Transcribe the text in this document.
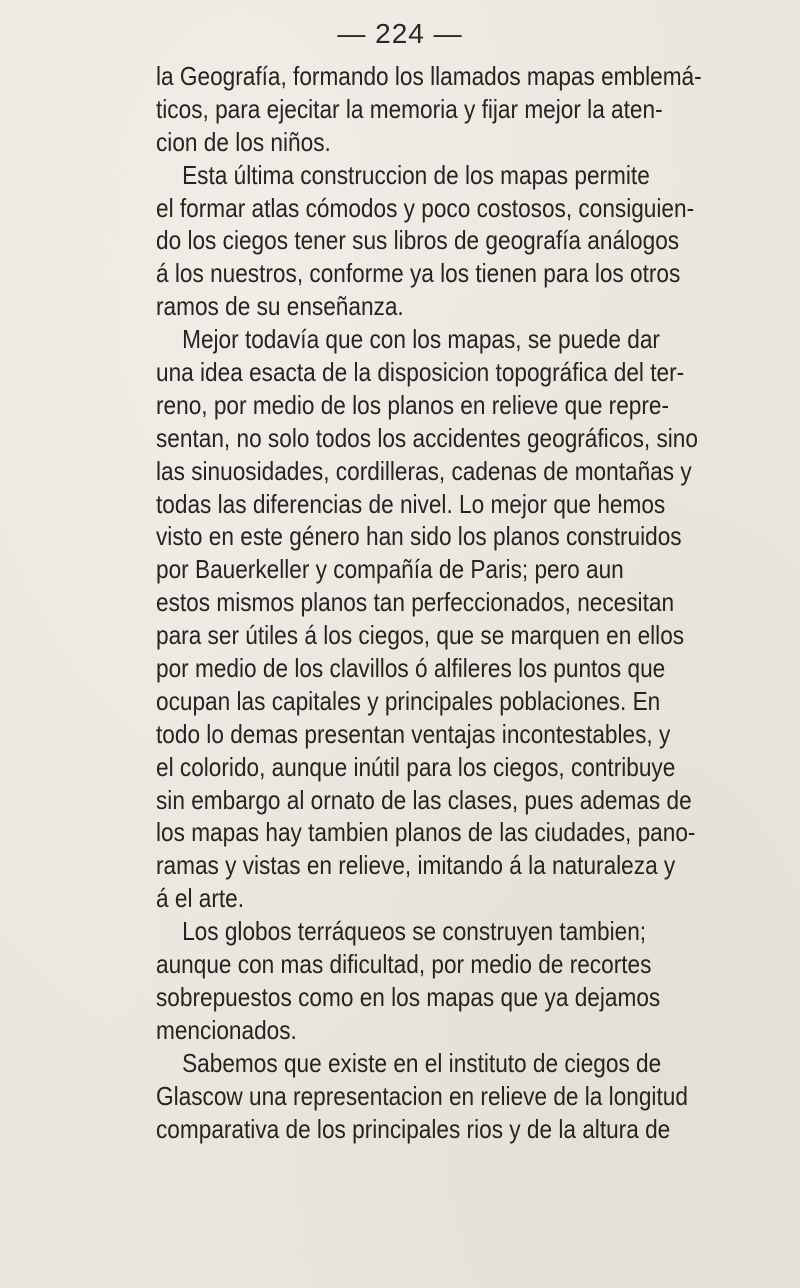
— 224 —
la Geografía, formando los llamados mapas emblemá-
ticos, para ejecitar la memoria y fijar mejor la aten-
cion de los niños.
Esta última construccion de los mapas permite
el formar atlas cómodos y poco costosos, consiguien-
do los ciegos tener sus libros de geografía análogos
á los nuestros, conforme ya los tienen para los otros
ramos de su enseñanza.
Mejor todavía que con los mapas, se puede dar
una idea esacta de la disposicion topográfica del ter-
reno, por medio de los planos en relieve que repre-
sentan, no solo todos los accidentes geográficos, sino
las sinuosidades, cordilleras, cadenas de montañas y
todas las diferencias de nivel. Lo mejor que hemos
visto en este género han sido los planos construidos
por Bauerkeller y compañía de Paris; pero aun
estos mismos planos tan perfeccionados, necesitan
para ser útiles á los ciegos, que se marquen en ellos
por medio de los clavillos ó alfileres los puntos que
ocupan las capitales y principales poblaciones. En
todo lo demas presentan ventajas incontestables, y
el colorido, aunque inútil para los ciegos, contribuye
sin embargo al ornato de las clases, pues ademas de
los mapas hay tambien planos de las ciudades, pano-
ramas y vistas en relieve, imitando á la naturaleza y
á el arte.
Los globos terráqueos se construyen tambien;
aunque con mas dificultad, por medio de recortes
sobrepuestos como en los mapas que ya dejamos
mencionados.
Sabemos que existe en el instituto de ciegos de
Glascow una representacion en relieve de la longitud
comparativa de los principales rios y de la altura de
